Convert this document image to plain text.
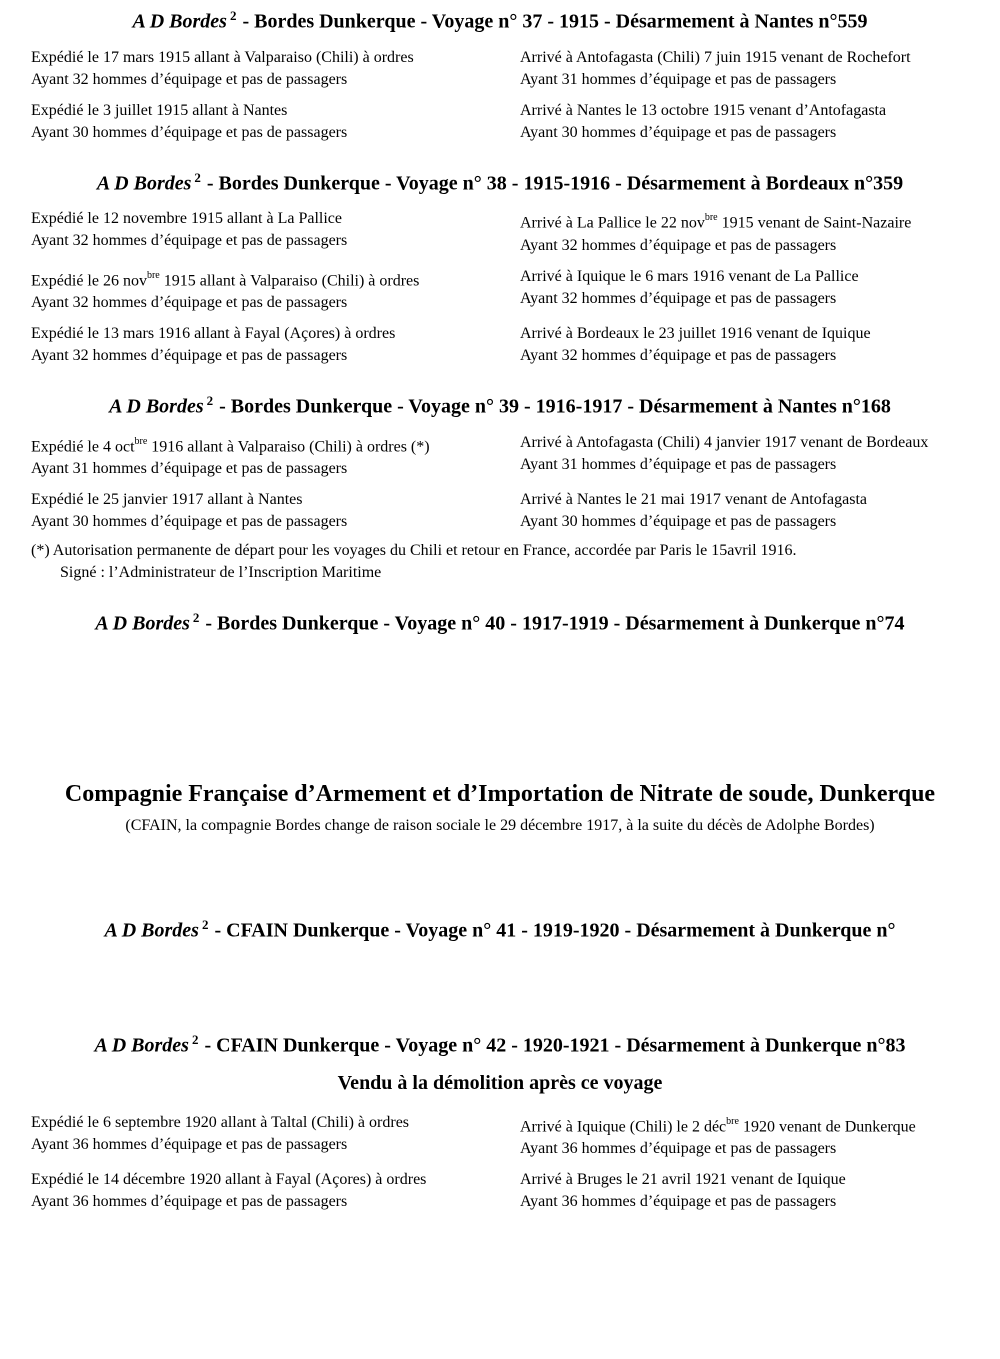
A D Bordes $^2$ - Bordes Dunkerque - Voyage n° 37 - 1915 - Désarmement à Nantes n°559
Expédié le 17 mars 1915 allant à Valparaiso (Chili) à ordres
Ayant 32 hommes d’équipage et pas de passagers
Arrivé à Antofagasta (Chili) 7 juin 1915 venant de Rochefort
Ayant 31 hommes d’équipage et pas de passagers
Expédié le 3 juillet 1915 allant à Nantes
Ayant 30 hommes d’équipage et pas de passagers
Arrivé à Nantes le 13 octobre 1915 venant d’Antofagasta
Ayant 30 hommes d’équipage et pas de passagers
A D Bordes $^2$ - Bordes Dunkerque - Voyage n° 38 - 1915-1916 - Désarmement à Bordeaux n°359
Expédié le 12 novembre 1915 allant à La Pallice
Ayant 32 hommes d’équipage et pas de passagers
Arrivé à La Pallice le 22 nov$^{bre}$ 1915 venant de Saint-Nazaire
Ayant 32 hommes d’équipage et pas de passagers
Expédié le 26 nov$^{bre}$ 1915 allant à Valparaiso (Chili) à ordres
Ayant 32 hommes d’équipage et pas de passagers
Arrivé à Iquique le 6 mars 1916 venant de La Pallice
Ayant 32 hommes d’équipage et pas de passagers
Expédié le 13 mars 1916 allant à Fayal (Açores) à ordres
Ayant 32 hommes d’équipage et pas de passagers
Arrivé à Bordeaux le 23 juillet 1916 venant de Iquique
Ayant 32 hommes d’équipage et pas de passagers
A D Bordes $^2$ - Bordes Dunkerque - Voyage n° 39 - 1916-1917 - Désarmement à Nantes n°168
Expédié le 4 oct$^{bre}$ 1916 allant à Valparaiso (Chili) à ordres (*)
Ayant 31 hommes d’équipage et pas de passagers
Arrivé à Antofagasta (Chili) 4 janvier 1917 venant de Bordeaux
Ayant 31 hommes d’équipage et pas de passagers
Expédié le 25 janvier 1917 allant à Nantes
Ayant 30 hommes d’équipage et pas de passagers
Arrivé à Nantes le 21 mai 1917 venant de Antofagasta
Ayant 30 hommes d’équipage et pas de passagers
(*) Autorisation permanente de départ pour les voyages du Chili et retour en France, accordée par Paris le 15avril 1916.
Signé : l’Administrateur de l’Inscription Maritime
A D Bordes $^2$ - Bordes Dunkerque - Voyage n° 40 - 1917-1919 - Désarmement à Dunkerque n°74
Compagnie Française d’Armement et d’Importation de Nitrate de soude, Dunkerque

(CFAIN, la compagnie Bordes change de raison sociale le 29 décembre 1917, à la suite du décès de Adolphe Bordes)

A D Bordes $^2$ - CFAIN Dunkerque - Voyage n° 41 - 1919-1920 - Désarmement à Dunkerque n°
A D Bordes $^2$ - CFAIN Dunkerque - Voyage n° 42 - 1920-1921 - Désarmement à Dunkerque n°83
Vendu à la démolition après ce voyage
Expédié le 6 septembre 1920 allant à Taltal (Chili) à ordres
Ayant 36 hommes d’équipage et pas de passagers
Arrivé à Iquique (Chili) le 2 déc$^{bre}$ 1920 venant de Dunkerque
Ayant 36 hommes d’équipage et pas de passagers
Expédié le 14 décembre 1920 allant à Fayal (Açores) à ordres
Ayant 36 hommes d’équipage et pas de passagers
Arrivé à Bruges le 21 avril 1921 venant de Iquique
Ayant 36 hommes d’équipage et pas de passagers
